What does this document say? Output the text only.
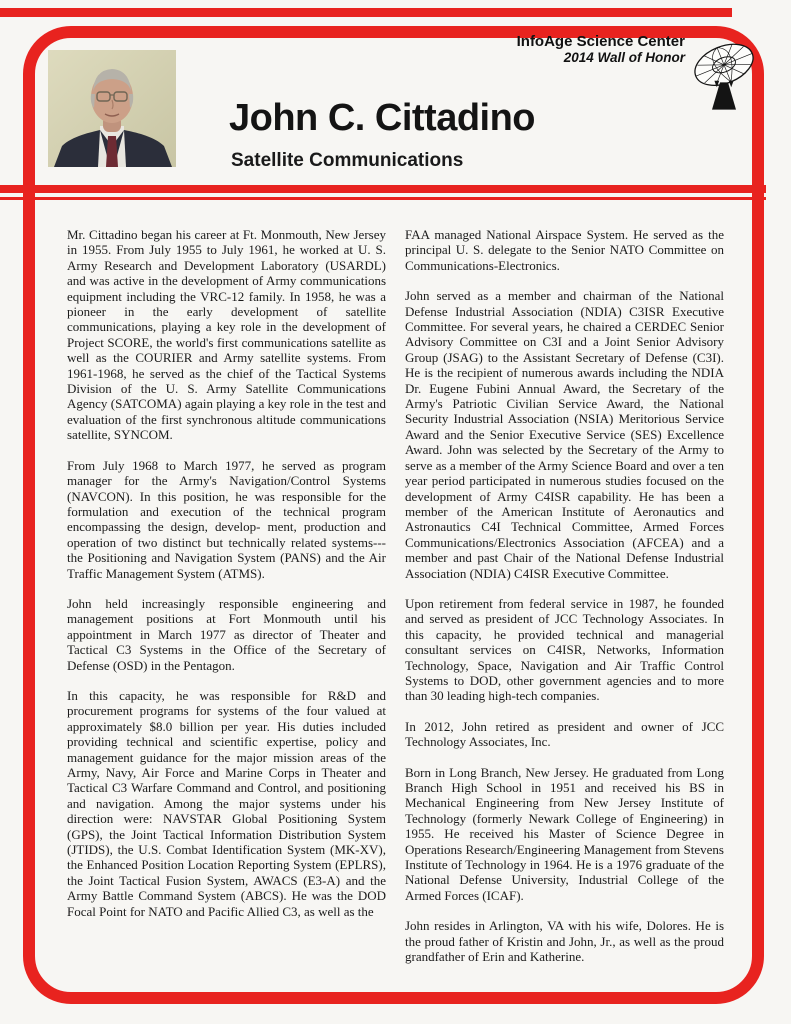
John C. Cittadino
Satellite Communications
InfoAge Science Center
2014 Wall of Honor

Mr. Cittadino began his career at Ft. Monmouth, New Jersey in 1955. From July 1955 to July 1961, he worked at U. S. Army Research and Development Laboratory (USARDL) and was active in the development of Army communications equipment including the VRC-12 family. In 1958, he was a pioneer in the early development of satellite communications, playing a key role in the development of Project SCORE, the world's first communications satellite as well as the COURIER and Army satellite systems. From 1961-1968, he served as the chief of the Tactical Systems Division of the U. S. Army Satellite Communications Agency (SATCOMA) again playing a key role in the test and evaluation of the first synchronous altitude communications satellite, SYNCOM.

From July 1968 to March 1977, he served as program manager for the Army's Navigation/Control Systems (NAVCON). In this position, he was responsible for the formulation and execution of the technical program encompassing the design, develop- ment, production and operation of two distinct but technically related systems---the Positioning and Navigation System (PANS) and the Air Traffic Management System (ATMS).

John held increasingly responsible engineering and management positions at Fort Monmouth until his appointment in March 1977 as director of Theater and Tactical C3 Systems in the Office of the Secretary of Defense (OSD) in the Pentagon.

In this capacity, he was responsible for R&D and procurement programs for systems of the four valued at approximately $8.0 billion per year. His duties included providing technical and scientific expertise, policy and management guidance for the major mission areas of the Army, Navy, Air Force and Marine Corps in Theater and Tactical C3 Warfare Command and Control, and positioning and navigation. Among the major systems under his direction were: NAVSTAR Global Positioning System (GPS), the Joint Tactical Information Distribution System (JTIDS), the U.S. Combat Identification System (MK-XV), the Enhanced Position Location Reporting System (EPLRS), the Joint Tactical Fusion System, AWACS (E3-A) and the Army Battle Command System (ABCS). He was the DOD Focal Point for NATO and Pacific Allied C3, as well as the

FAA managed National Airspace System. He served as the principal U. S. delegate to the Senior NATO Committee on Communications-Electronics.

John served as a member and chairman of the National Defense Industrial Association (NDIA) C3ISR Executive Committee. For several years, he chaired a CERDEC Senior Advisory Committee on C3I and a Joint Senior Advisory Group (JSAG) to the Assistant Secretary of Defense (C3I). He is the recipient of numerous awards including the NDIA Dr. Eugene Fubini Annual Award, the Secretary of the Army's Patriotic Civilian Service Award, the National Security Industrial Association (NSIA) Meritorious Service Award and the Senior Executive Service (SES) Excellence Award. John was selected by the Secretary of the Army to serve as a member of the Army Science Board and over a ten year period participated in numerous studies focused on the development of Army C4ISR capability. He has been a member of the American Institute of Aeronautics and Astronautics C4I Technical Committee, Armed Forces Communications/Electronics Association (AFCEA) and a member and past Chair of the National Defense Industrial Association (NDIA) C4ISR Executive Committee.

Upon retirement from federal service in 1987, he founded and served as president of JCC Technology Associates. In this capacity, he provided technical and managerial consultant services on C4ISR, Networks, Information Technology, Space, Navigation and Air Traffic Control Systems to DOD, other government agencies and to more than 30 leading high-tech companies.

In 2012, John retired as president and owner of JCC Technology Associates, Inc.

Born in Long Branch, New Jersey. He graduated from Long Branch High School in 1951 and received his BS in Mechanical Engineering from New Jersey Institute of Technology (formerly Newark College of Engineering) in 1955. He received his Master of Science Degree in Operations Research/Engineering Management from Stevens Institute of Technology in 1964. He is a 1976 graduate of the National Defense University, Industrial College of the Armed Forces (ICAF).

John resides in Arlington, VA with his wife, Dolores. He is the proud father of Kristin and John, Jr., as well as the proud grandfather of Erin and Katherine.
